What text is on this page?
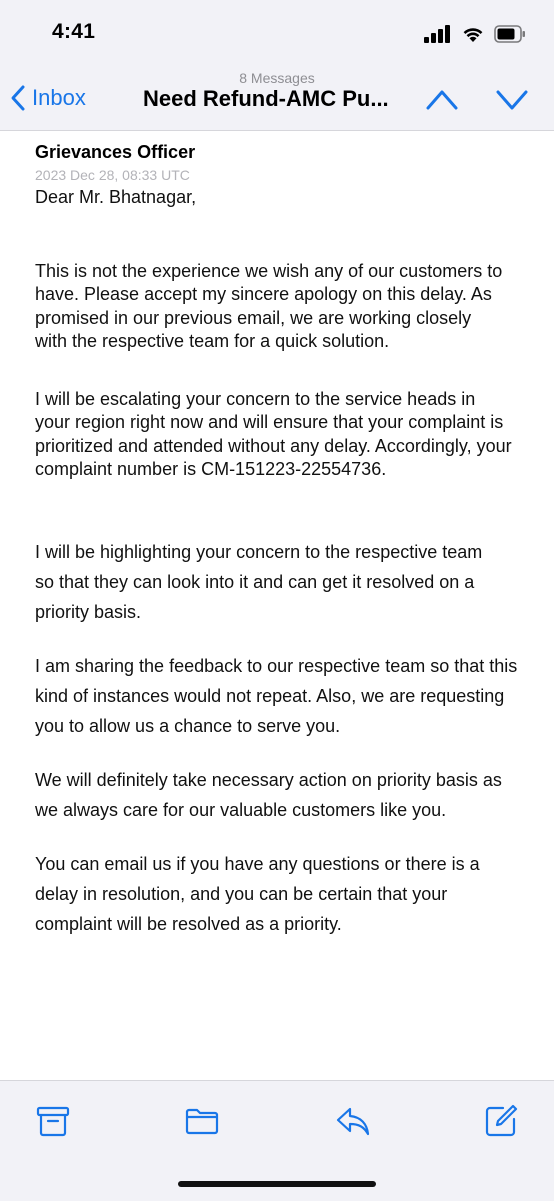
4:41
8 Messages
Inbox	Need Refund-AMC Pu...
Grievances Officer
2023 Dec 28, 08:33 UTC

Dear Mr. Bhatnagar,

This is not the experience we wish any of our customers to have. Please accept my sincere apology on this delay. As promised in our previous email, we are working closely with the respective team for a quick solution.

I will be escalating your concern to the service heads in your region right now and will ensure that your complaint is prioritized and attended without any delay. Accordingly, your complaint number is CM-151223-22554736.

I will be highlighting your concern to the respective team so that they can look into it and can get it resolved on a priority basis.

I am sharing the feedback to our respective team so that this kind of instances would not repeat. Also, we are requesting you to allow us a chance to serve you.

We will definitely take necessary action on priority basis as we always care for our valuable customers like you.

You can email us if you have any questions or there is a delay in resolution, and you can be certain that your complaint will be resolved as a priority.
